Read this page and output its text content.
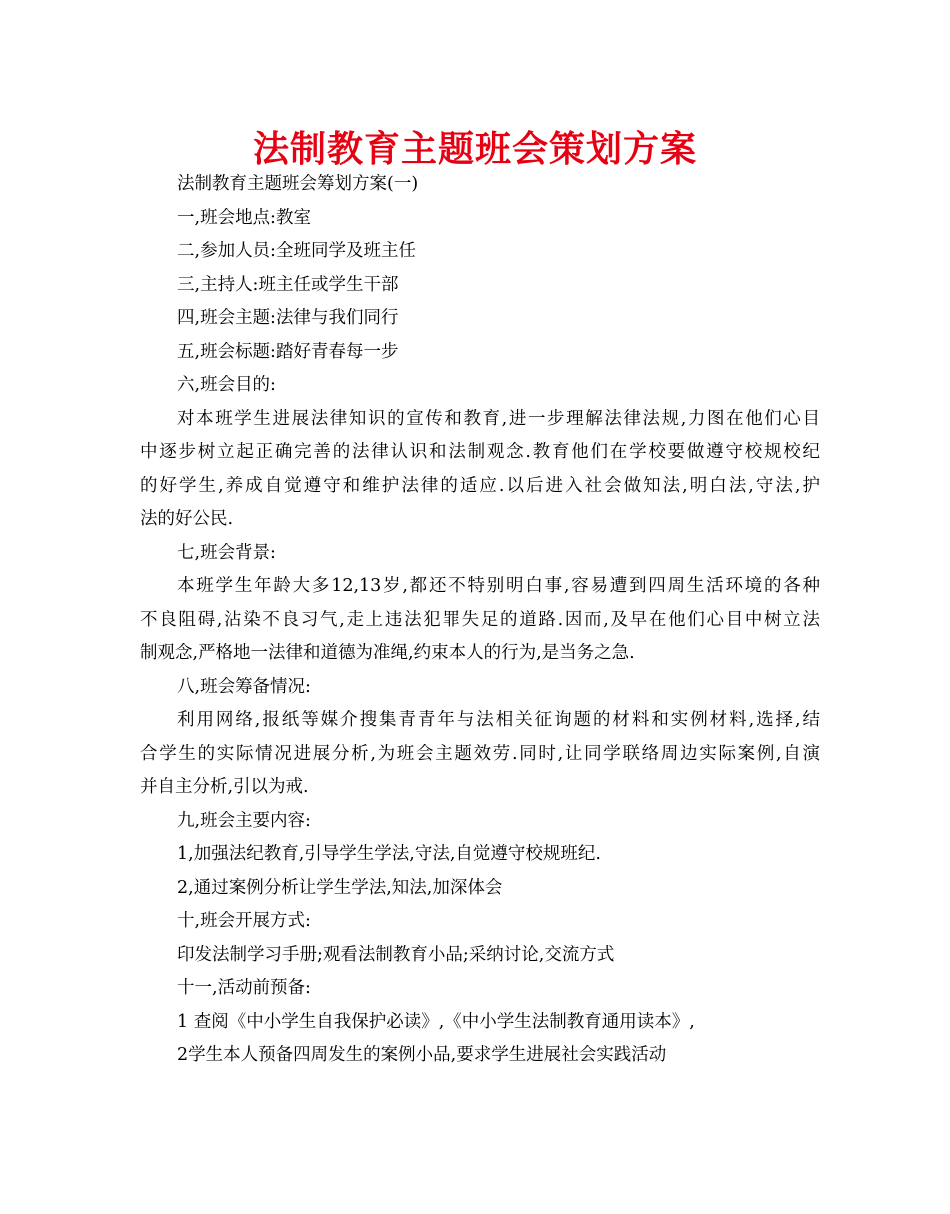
法制教育主题班会策划方案
法制教育主题班会筹划方案(一)
一,班会地点:教室
二,参加人员:全班同学及班主任
三,主持人:班主任或学生干部
四,班会主题:法律与我们同行
五,班会标题:踏好青春每一步
六,班会目的:
对本班学生进展法律知识的宣传和教育,进一步理解法律法规,力图在他们心目
中逐步树立起正确完善的法律认识和法制观念.教育他们在学校要做遵守校规校纪
的好学生,养成自觉遵守和维护法律的适应.以后进入社会做知法,明白法,守法,护
法的好公民.
七,班会背景:
本班学生年龄大多12,13岁,都还不特别明白事,容易遭到四周生活环境的各种
不良阻碍,沾染不良习气,走上违法犯罪失足的道路.因而,及早在他们心目中树立法
制观念,严格地一法律和道德为准绳,约束本人的行为,是当务之急.
八,班会筹备情况:
利用网络,报纸等媒介搜集青青年与法相关征询题的材料和实例材料,选择,结
合学生的实际情况进展分析,为班会主题效劳.同时,让同学联络周边实际案例,自演
并自主分析,引以为戒.
九,班会主要内容:
1,加强法纪教育,引导学生学法,守法,自觉遵守校规班纪.
2,通过案例分析让学生学法,知法,加深体会
十,班会开展方式:
印发法制学习手册;观看法制教育小品;采纳讨论,交流方式
十一,活动前预备:
1 查阅《中小学生自我保护必读》,《中小学生法制教育通用读本》,
2学生本人预备四周发生的案例小品,要求学生进展社会实践活动
